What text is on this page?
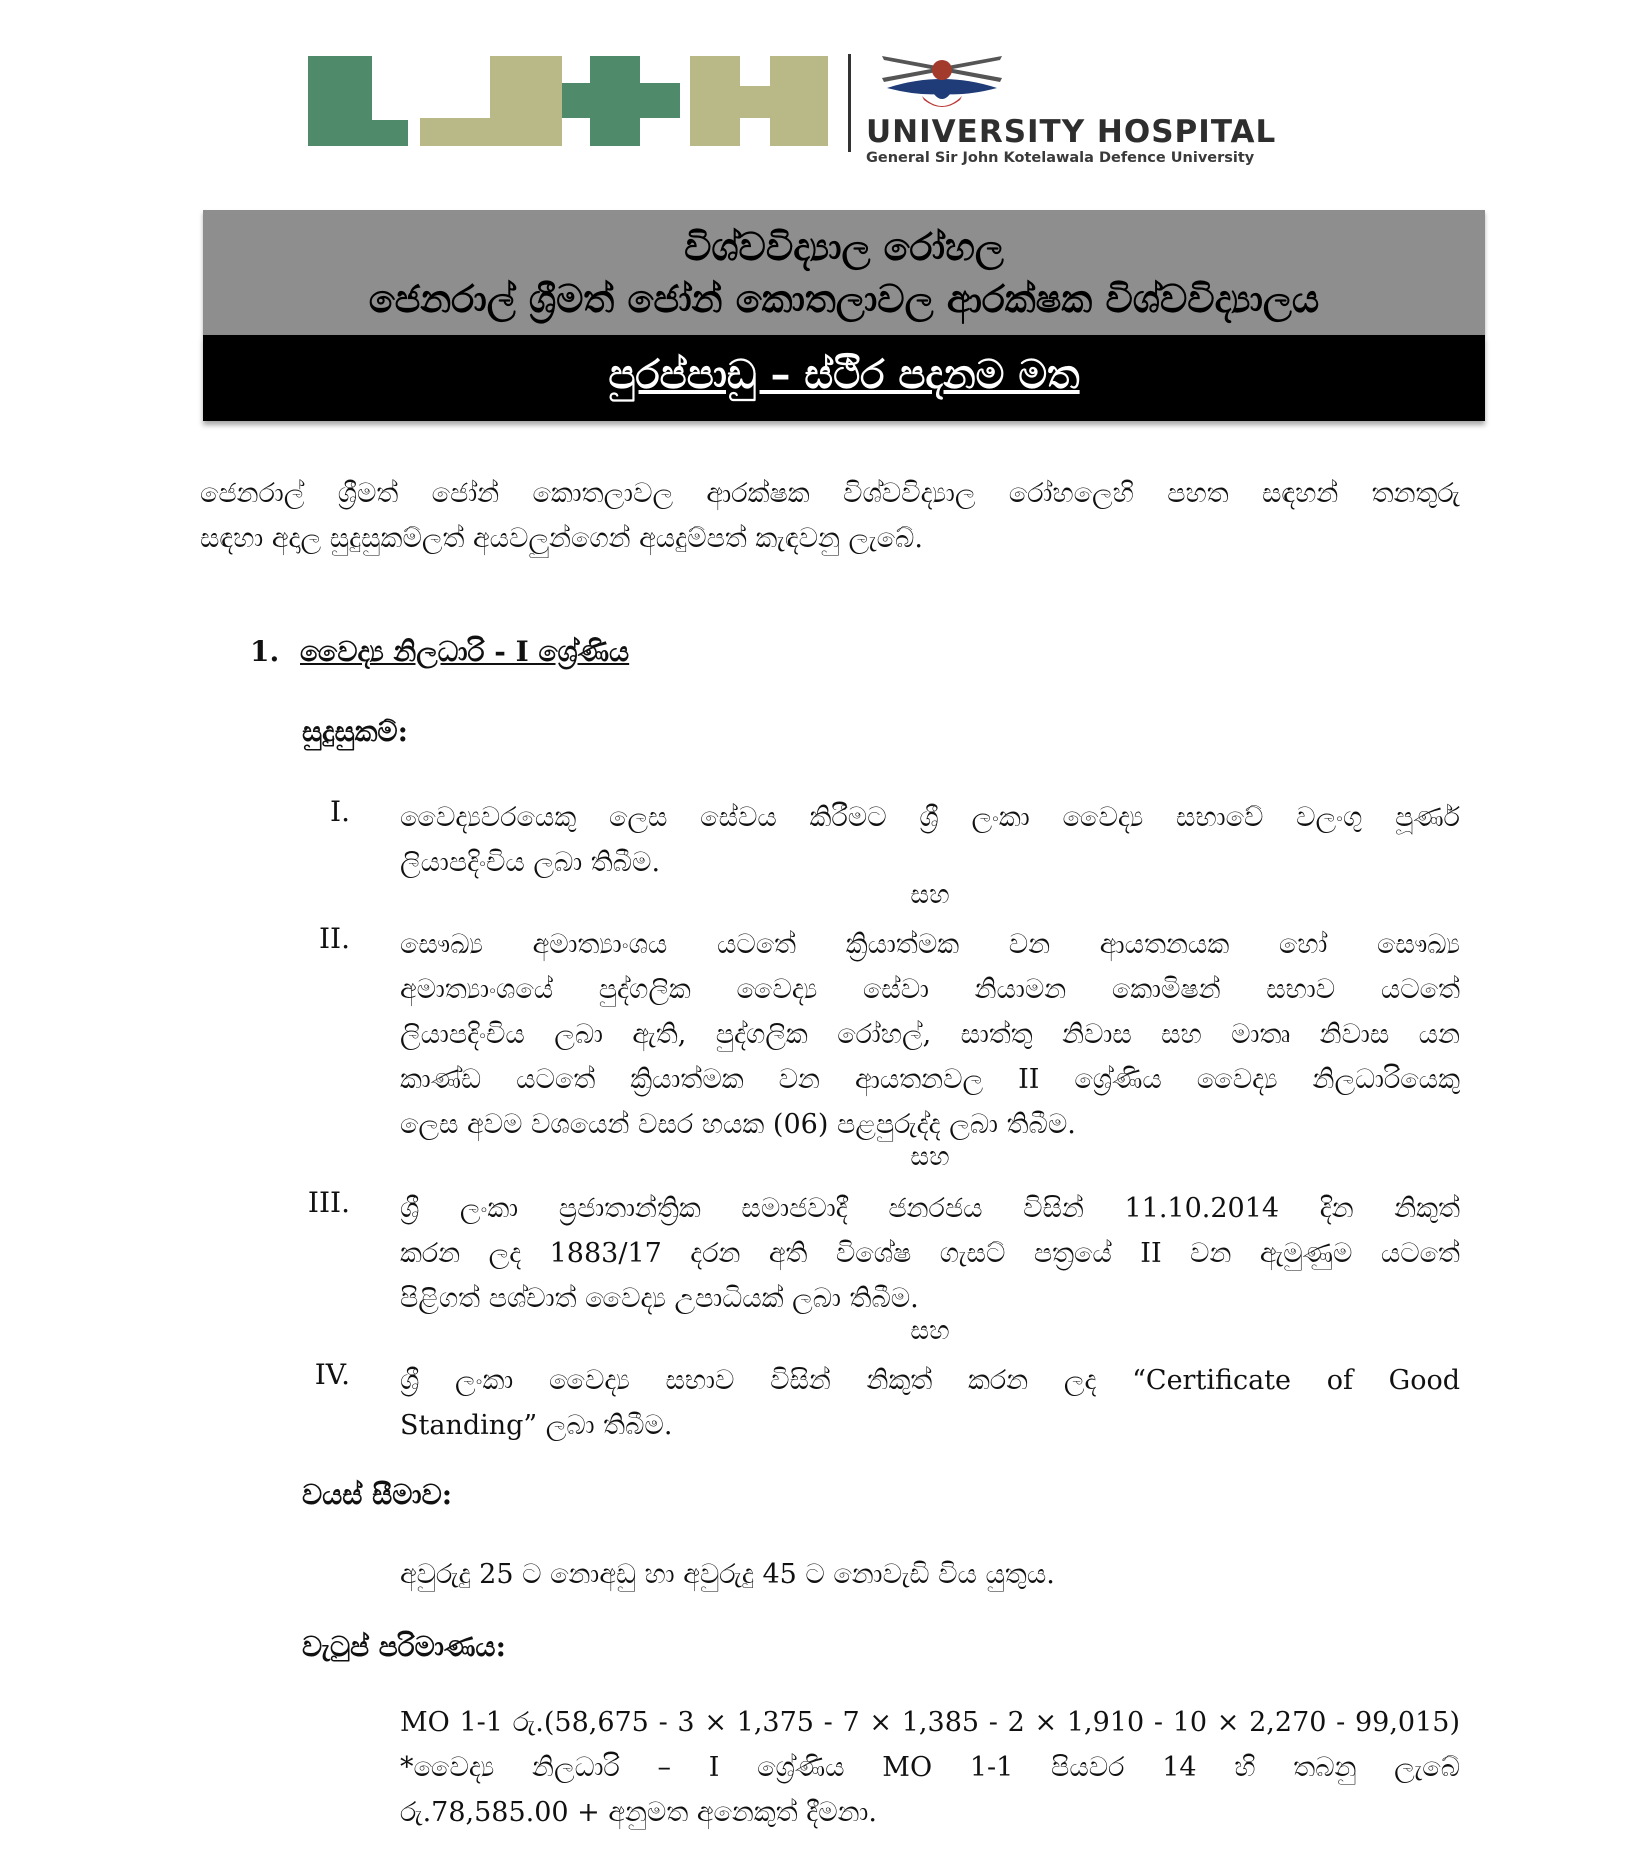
UNIVERSITY HOSPITAL
General Sir John Kotelawala Defence University
විශ්වවිද්‍යාල රෝහල
ජෙනරාල් ශ්‍රීමත් ජෝන් කොතලාවල ආරක්ෂක විශ්වවිද්‍යාලය
පුරප්පාඩු – ස්ථිර පදනම මත
ජෙනරාල් ශ්‍රීමත් ජෝන් කොතලාවල ආරක්ෂක විශ්වවිද්‍යාල රෝහලෙහි පහත සඳහන් තනතුරු
සඳහා අදාල සුදුසුකම්ලත් අයවලුන්ගෙන් අයදුම්පත් කැඳවනු ලැබේ.
1. වෛද්‍ය නිලධාරි - I ශ්‍රේණිය
සුදුසුකම්:
I. වෛද්‍යවරයෙකු ලෙස සේවය කිරීමට ශ්‍රී ලංකා වෛද්‍ය සභාවේ වලංගු පූර්ණ
ලියාපදිංචිය ලබා තිබීම.
සහ
II. සෞඛ්‍ය අමාත්‍යාංශය යටතේ ක්‍රියාත්මක වන ආයතනයක හෝ සෞඛ්‍ය
අමාත්‍යාංශයේ පුද්ගලික වෛද්‍ය සේවා නියාමන කොමිෂන් සභාව යටතේ
ලියාපදිංචිය ලබා ඇති, පුද්ගලික රෝහල්, සාත්තු නිවාස සහ මාතෘ නිවාස යන
කාණ්ඩ යටතේ ක්‍රියාත්මක වන ආයතනවල II ශ්‍රේණිය වෛද්‍ය නිලධාරියෙකු
ලෙස අවම වශයෙන් වසර හයක (06) පළපුරුද්ද ලබා තිබීම.
සහ
III. ශ්‍රී ලංකා ප්‍රජාතාන්ත්‍රික සමාජවාදී ජනරජය විසින් 11.10.2014 දින නිකුත්
කරන ලද 1883/17 දරන අති විශේෂ ගැසට් පත්‍රයේ II වන ඇමුණුම යටතේ
පිළිගත් පශ්චාත් වෛද්‍ය උපාධියක් ලබා තිබීම.
සහ
IV. ශ්‍රී ලංකා වෛද්‍ය සභාව විසින් නිකුත් කරන ලද “Certificate of Good
Standing” ලබා තිබීම.
වයස් සීමාව:
අවුරුදු 25 ට නොඅඩු හා අවුරුදු 45 ට නොවැඩි විය යුතුය.
වැටුප් පරිමාණය:
MO 1-1 රු.(58,675 - 3 × 1,375 - 7 × 1,385 - 2 × 1,910 - 10 × 2,270 - 99,015)
*වෛද්‍ය නිලධාරි – I ශ්‍රේණිය MO 1-1 පියවර 14 හි තබනු ලැබේ
රු.78,585.00 + අනුමත අනෙකුත් දීමනා.
